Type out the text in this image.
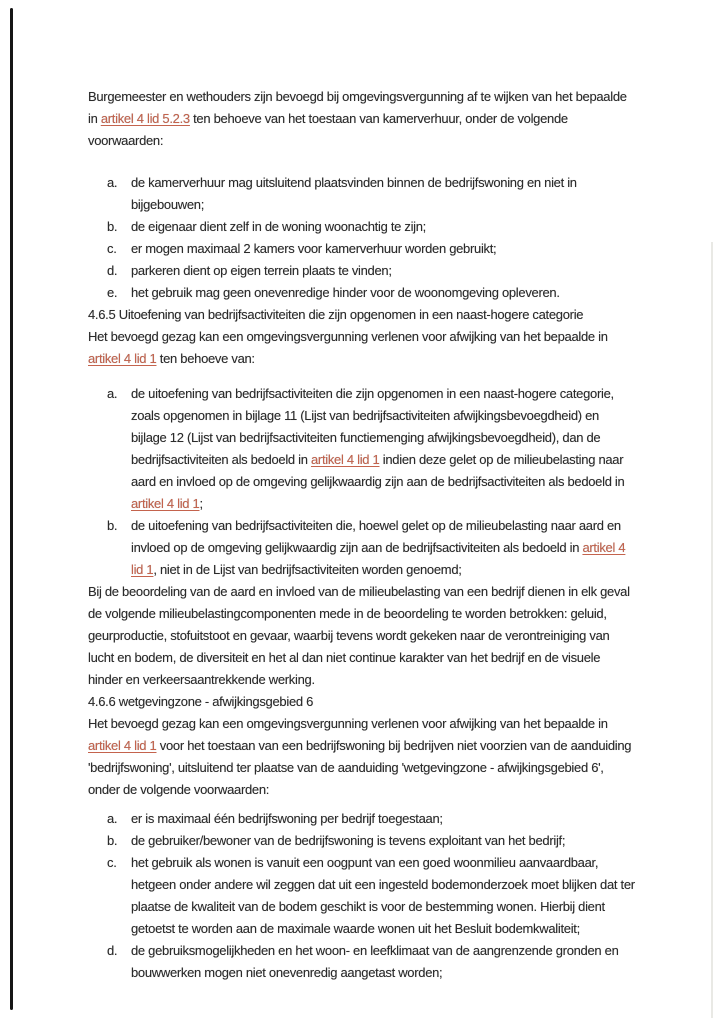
Burgemeester en wethouders zijn bevoegd bij omgevingsvergunning af te wijken van het bepaalde in artikel 4 lid 5.2.3 ten behoeve van het toestaan van kamerverhuur, onder de volgende voorwaarden:

a. de kamerverhuur mag uitsluitend plaatsvinden binnen de bedrijfswoning en niet in bijgebouwen;
b. de eigenaar dient zelf in de woning woonachtig te zijn;
c. er mogen maximaal 2 kamers voor kamerverhuur worden gebruikt;
d. parkeren dient op eigen terrein plaats te vinden;
e. het gebruik mag geen onevenredige hinder voor de woonomgeving opleveren.
4.6.5 Uitoefening van bedrijfsactiviteiten die zijn opgenomen in een naast-hogere categorie

Het bevoegd gezag kan een omgevingsvergunning verlenen voor afwijking van het bepaalde in artikel 4 lid 1 ten behoeve van:

a. de uitoefening van bedrijfsactiviteiten die zijn opgenomen in een naast-hogere categorie, zoals opgenomen in bijlage 11 (Lijst van bedrijfsactiviteiten afwijkingsbevoegdheid) en bijlage 12 (Lijst van bedrijfsactiviteiten functiemenging afwijkingsbevoegdheid), dan de bedrijfsactiviteiten als bedoeld in artikel 4 lid 1 indien deze gelet op de milieubelasting naar aard en invloed op de omgeving gelijkwaardig zijn aan de bedrijfsactiviteiten als bedoeld in artikel 4 lid 1;
b. de uitoefening van bedrijfsactiviteiten die, hoewel gelet op de milieubelasting naar aard en invloed op de omgeving gelijkwaardig zijn aan de bedrijfsactiviteiten als bedoeld in artikel 4 lid 1, niet in de Lijst van bedrijfsactiviteiten worden genoemd;

Bij de beoordeling van de aard en invloed van de milieubelasting van een bedrijf dienen in elk geval de volgende milieubelastingcomponenten mede in de beoordeling te worden betrokken: geluid, geurproductie, stofuitstoot en gevaar, waarbij tevens wordt gekeken naar de verontreiniging van lucht en bodem, de diversiteit en het al dan niet continue karakter van het bedrijf en de visuele hinder en verkeersaantrekkende werking.

4.6.6 wetgevingzone - afwijkingsgebied 6

Het bevoegd gezag kan een omgevingsvergunning verlenen voor afwijking van het bepaalde in artikel 4 lid 1 voor het toestaan van een bedrijfswoning bij bedrijven niet voorzien van de aanduiding 'bedrijfswoning', uitsluitend ter plaatse van de aanduiding 'wetgevingzone - afwijkingsgebied 6', onder de volgende voorwaarden:

a. er is maximaal één bedrijfswoning per bedrijf toegestaan;
b. de gebruiker/bewoner van de bedrijfswoning is tevens exploitant van het bedrijf;
c. het gebruik als wonen is vanuit een oogpunt van een goed woonmilieu aanvaardbaar, hetgeen onder andere wil zeggen dat uit een ingesteld bodemonderzoek moet blijken dat ter plaatse de kwaliteit van de bodem geschikt is voor de bestemming wonen. Hierbij dient getoetst te worden aan de maximale waarde wonen uit het Besluit bodemkwaliteit;
d. de gebruiksmogelijkheden en het woon- en leefklimaat van de aangrenzende gronden en bouwwerken mogen niet onevenredig aangetast worden;
